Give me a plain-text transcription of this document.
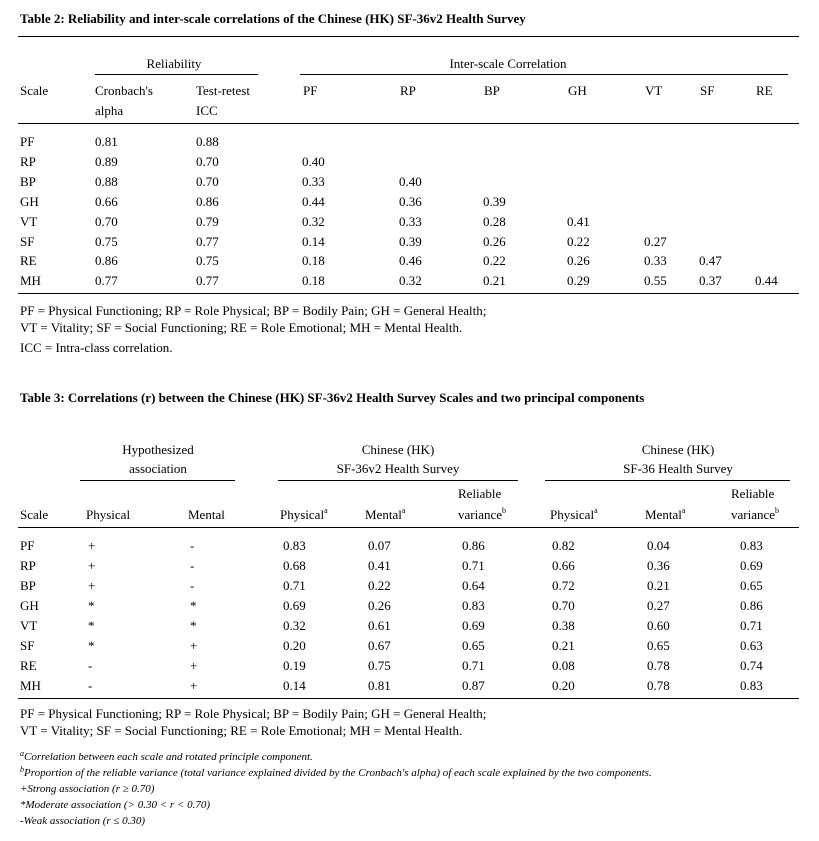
Table 2: Reliability and inter-scale correlations of the Chinese (HK) SF-36v2 Health Survey
Reliability	Inter-scale Correlation
Scale	Cronbach's
alpha
Test-retest
ICC
PF	RP	BP	GH	VT	SF	RE
PF	0.81	0.88
RP	0.89	0.70	0.40
BP	0.88	0.70	0.33	0.40
GH	0.66	0.86	0.44	0.36	0.39
VT	0.70	0.79	0.32	0.33	0.28	0.41
SF	0.75	0.77	0.14	0.39	0.26	0.22	0.27
RE	0.86	0.75	0.18	0.46	0.22	0.26	0.33 0.47
MH	0.77	0.77	0.18	0.32	0.21	0.29	0.55 0.37	0.44
PF = Physical Functioning; RP = Role Physical; BP = Bodily Pain; GH = General Health;
VT = Vitality; SF = Social Functioning; RE = Role Emotional; MH = Mental Health.
ICC = Intra-class correlation.
Table 3: Correlations (r) between the Chinese (HK) SF-36v2 Health Survey Scales and two principal components
Hypothesized
association
Chinese (HK)
SF-36v2 Health Survey
Chinese (HK)
SF-36 Health Survey
Reliable	Reliable
Scale	Physical	Mental	Physical$^a$	Mental$^a$	variance$^b$	Physical$^a$	Mental$^a$	variance$^b$
PF	+	-	0.83	0.07	0.86	0.82	0.04	0.83
RP	+	-	0.68	0.41	0.71	0.66	0.36	0.69
BP	+	-	0.71	0.22	0.64	0.72	0.21	0.65
GH	*	*	0.69	0.26	0.83	0.70	0.27	0.86
VT	*	*	0.32	0.61	0.69	0.38	0.60	0.71
SF	*	+	0.20	0.67	0.65	0.21	0.65	0.63
RE	-	+	0.19	0.75	0.71	0.08	0.78	0.74
MH	-	+	0.14	0.81	0.87	0.20	0.78	0.83
PF = Physical Functioning; RP = Role Physical; BP = Bodily Pain; GH = General Health;
VT = Vitality; SF = Social Functioning; RE = Role Emotional; MH = Mental Health.
$^a$Correlation between each scale and rotated principle component.
$^b$Proportion of the reliable variance (total variance explained divided by the Cronbach's alpha) of each scale explained by the two components.
+Strong association (r ≥ 0.70)
*Moderate association (> 0.30 < r < 0.70)
-Weak association (r ≤ 0.30)
